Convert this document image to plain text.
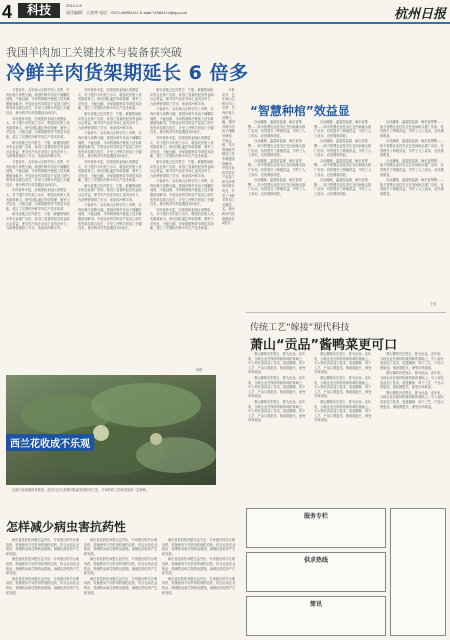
4	科技	2014.2.8
责任编辑：王康华 电话：0571-86965111 E-mail:74980414@qq.com	杭州日报
我国羊肉加工关键技术与装备获突破
冷鲜羊肉货架期延长 6 倍多

今春来节，去年南山生鲜羊肉上市季，羊肉价格与消费大幅，我国冷鲜羊肉由于储藏时间短，不能远销，羊肉的保鲜冷链加工技术难题亟待解决。中国农业科学院农产品加工研究所等单位联合攻关，开发了冷鲜羊肉加工关键技术，使冷鲜羊肉货架期延长6倍多。

羊肉营养丰富，在我国西北地区消费量大，对于提升羊肉加工水平、增加农民收入具有重要意义。研究团队通过宰前管理、屠宰工艺优化、分级分割、冷却排酸等环节的技术创新，建立了完整的冷鲜羊肉生产技术体系。

研究成果已在内蒙古、宁夏、新疆等地的多家企业推广应用，取得了显著的经济效益和社会效益，使羊肉产品在市场上更具竞争力，为消费者提供了安全、优质的冷鲜羊肉。

今春来节，去年南山生鲜羊肉上市季，羊肉价格与消费大幅，我国冷鲜羊肉由于储藏时间短，不能远销，羊肉的保鲜冷链加工技术难题亟待解决。中国农业科学院农产品加工研究所等单位联合攻关，开发了冷鲜羊肉加工关键技术，使冷鲜羊肉货架期延长6倍多。

羊肉营养丰富，在我国西北地区消费量大，对于提升羊肉加工水平、增加农民收入具有重要意义。研究团队通过宰前管理、屠宰工艺优化、分级分割、冷却排酸等环节的技术创新，建立了完整的冷鲜羊肉生产技术体系。

研究成果已在内蒙古、宁夏、新疆等地的多家企业推广应用，取得了显著的经济效益和社会效益，使羊肉产品在市场上更具竞争力，为消费者提供了安全、优质的冷鲜羊肉。

羊肉营养丰富，在我国西北地区消费量大，对于提升羊肉加工水平、增加农民收入具有重要意义。研究团队通过宰前管理、屠宰工艺优化、分级分割、冷却排酸等环节的技术创新，建立了完整的冷鲜羊肉生产技术体系。

研究成果已在内蒙古、宁夏、新疆等地的多家企业推广应用，取得了显著的经济效益和社会效益，使羊肉产品在市场上更具竞争力，为消费者提供了安全、优质的冷鲜羊肉。

今春来节，去年南山生鲜羊肉上市季，羊肉价格与消费大幅，我国冷鲜羊肉由于储藏时间短，不能远销，羊肉的保鲜冷链加工技术难题亟待解决。中国农业科学院农产品加工研究所等单位联合攻关，开发了冷鲜羊肉加工关键技术，使冷鲜羊肉货架期延长6倍多。

羊肉营养丰富，在我国西北地区消费量大，对于提升羊肉加工水平、增加农民收入具有重要意义。研究团队通过宰前管理、屠宰工艺优化、分级分割、冷却排酸等环节的技术创新，建立了完整的冷鲜羊肉生产技术体系。

研究成果已在内蒙古、宁夏、新疆等地的多家企业推广应用，取得了显著的经济效益和社会效益，使羊肉产品在市场上更具竞争力，为消费者提供了安全、优质的冷鲜羊肉。

今春来节，去年南山生鲜羊肉上市季，羊肉价格与消费大幅，我国冷鲜羊肉由于储藏时间短，不能远销，羊肉的保鲜冷链加工技术难题亟待解决。中国农业科学院农产品加工研究所等单位联合攻关，开发了冷鲜羊肉加工关键技术，使冷鲜羊肉货架期延长6倍多。

研究成果已在内蒙古、宁夏、新疆等地的多家企业推广应用，取得了显著的经济效益和社会效益，使羊肉产品在市场上更具竞争力，为消费者提供了安全、优质的冷鲜羊肉。

今春来节，去年南山生鲜羊肉上市季，羊肉价格与消费大幅，我国冷鲜羊肉由于储藏时间短，不能远销，羊肉的保鲜冷链加工技术难题亟待解决。中国农业科学院农产品加工研究所等单位联合攻关，开发了冷鲜羊肉加工关键技术，使冷鲜羊肉货架期延长6倍多。

羊肉营养丰富，在我国西北地区消费量大，对于提升羊肉加工水平、增加农民收入具有重要意义。研究团队通过宰前管理、屠宰工艺优化、分级分割、冷却排酸等环节的技术创新，建立了完整的冷鲜羊肉生产技术体系。

研究成果已在内蒙古、宁夏、新疆等地的多家企业推广应用，取得了显著的经济效益和社会效益，使羊肉产品在市场上更具竞争力，为消费者提供了安全、优质的冷鲜羊肉。

今春来节，去年南山生鲜羊肉上市季，羊肉价格与消费大幅，我国冷鲜羊肉由于储藏时间短，不能远销，羊肉的保鲜冷链加工技术难题亟待解决。中国农业科学院农产品加工研究所等单位联合攻关，开发了冷鲜羊肉加工关键技术，使冷鲜羊肉货架期延长6倍多。

羊肉营养丰富，在我国西北地区消费量大，对于提升羊肉加工水平、增加农民收入具有重要意义。研究团队通过宰前管理、屠宰工艺优化、分级分割、冷却排酸等环节的技术创新，建立了完整的冷鲜羊肉生产技术体系。

今春来节，去年南山生鲜羊肉上市季，羊肉价格与消费大幅，我国冷鲜羊肉由于储藏时间短，不能远销，羊肉的保鲜冷链加工技术难题亟待解决。中国农业科学院农产品加工研究所等单位联合攻关，开发了冷鲜羊肉加工关键技术，使冷鲜羊肉货架期延长6倍多。

孙国
西兰花收成不乐观

在浙江省某地的菜地里，农民们正在查看因低温受冻的西兰花，今年的西兰花收成受到一定影响。

“智慧种棺”效益显

自动灌溉、温湿度监测、病虫害预警……如今智慧农业技术正在田间地头推广应用，有效提升了种植效益，节约了人工成本，农民增收明显。

自动灌溉、温湿度监测、病虫害预警……如今智慧农业技术正在田间地头推广应用，有效提升了种植效益，节约了人工成本，农民增收明显。

自动灌溉、温湿度监测、病虫害预警……如今智慧农业技术正在田间地头推广应用，有效提升了种植效益，节约了人工成本，农民增收明显。

自动灌溉、温湿度监测、病虫害预警……如今智慧农业技术正在田间地头推广应用，有效提升了种植效益，节约了人工成本，农民增收明显。

自动灌溉、温湿度监测、病虫害预警……如今智慧农业技术正在田间地头推广应用，有效提升了种植效益，节约了人工成本，农民增收明显。

自动灌溉、温湿度监测、病虫害预警……如今智慧农业技术正在田间地头推广应用，有效提升了种植效益，节约了人工成本，农民增收明显。

自动灌溉、温湿度监测、病虫害预警……如今智慧农业技术正在田间地头推广应用，有效提升了种植效益，节约了人工成本，农民增收明显。

自动灌溉、温湿度监测、病虫害预警……如今智慧农业技术正在田间地头推广应用，有效提升了种植效益，节约了人工成本，农民增收明显。

自动灌溉、温湿度监测、病虫害预警……如今智慧农业技术正在田间地头推广应用，有效提升了种植效益，节约了人工成本，农民增收明显。

自动灌溉、温湿度监测、病虫害预警……如今智慧农业技术正在田间地头推广应用，有效提升了种植效益，节约了人工成本，农民增收明显。

自动灌溉、温湿度监测、病虫害预警……如今智慧农业技术正在田间地头推广应用，有效提升了种植效益，节约了人工成本，农民增收明显。

自动灌溉、温湿度监测、病虫害预警……如今智慧农业技术正在田间地头推广应用，有效提升了种植效益，节约了人工成本，农民增收明显。

王岩
传统工艺“嫁接”现代科技
萧山“贡品”酱鸭菜更可口

萧山酱鸭历史悠久，曾为贡品。近年来，当地企业在保持传统风味的基础上，引入现代食品加工技术，改进腌制、风干工艺，产品口感更佳，保质期更长，深受市场欢迎。

萧山酱鸭历史悠久，曾为贡品。近年来，当地企业在保持传统风味的基础上，引入现代食品加工技术，改进腌制、风干工艺，产品口感更佳，保质期更长，深受市场欢迎。

萧山酱鸭历史悠久，曾为贡品。近年来，当地企业在保持传统风味的基础上，引入现代食品加工技术，改进腌制、风干工艺，产品口感更佳，保质期更长，深受市场欢迎。

萧山酱鸭历史悠久，曾为贡品。近年来，当地企业在保持传统风味的基础上，引入现代食品加工技术，改进腌制、风干工艺，产品口感更佳，保质期更长，深受市场欢迎。

萧山酱鸭历史悠久，曾为贡品。近年来，当地企业在保持传统风味的基础上，引入现代食品加工技术，改进腌制、风干工艺，产品口感更佳，保质期更长，深受市场欢迎。

萧山酱鸭历史悠久，曾为贡品。近年来，当地企业在保持传统风味的基础上，引入现代食品加工技术，改进腌制、风干工艺，产品口感更佳，保质期更长，深受市场欢迎。

萧山酱鸭历史悠久，曾为贡品。近年来，当地企业在保持传统风味的基础上，引入现代食品加工技术，改进腌制、风干工艺，产品口感更佳，保质期更长，深受市场欢迎。

萧山酱鸭历史悠久，曾为贡品。近年来，当地企业在保持传统风味的基础上，引入现代食品加工技术，改进腌制、风干工艺，产品口感更佳，保质期更长，深受市场欢迎。

萧山酱鸭历史悠久，曾为贡品。近年来，当地企业在保持传统风味的基础上，引入现代食品加工技术，改进腌制、风干工艺，产品口感更佳，保质期更长，深受市场欢迎。

怎样减少病虫害抗药性

病虫害抗药性问题日益突出，专家建议科学合理用药，轮换使用不同作用机理的农药，综合运用农业防治、物理防治和生物防治措施，减缓抗药性的产生和发展。

病虫害抗药性问题日益突出，专家建议科学合理用药，轮换使用不同作用机理的农药，综合运用农业防治、物理防治和生物防治措施，减缓抗药性的产生和发展。

病虫害抗药性问题日益突出，专家建议科学合理用药，轮换使用不同作用机理的农药，综合运用农业防治、物理防治和生物防治措施，减缓抗药性的产生和发展。

病虫害抗药性问题日益突出，专家建议科学合理用药，轮换使用不同作用机理的农药，综合运用农业防治、物理防治和生物防治措施，减缓抗药性的产生和发展。

病虫害抗药性问题日益突出，专家建议科学合理用药，轮换使用不同作用机理的农药，综合运用农业防治、物理防治和生物防治措施，减缓抗药性的产生和发展。

病虫害抗药性问题日益突出，专家建议科学合理用药，轮换使用不同作用机理的农药，综合运用农业防治、物理防治和生物防治措施，减缓抗药性的产生和发展。

病虫害抗药性问题日益突出，专家建议科学合理用药，轮换使用不同作用机理的农药，综合运用农业防治、物理防治和生物防治措施，减缓抗药性的产生和发展。

病虫害抗药性问题日益突出，专家建议科学合理用药，轮换使用不同作用机理的农药，综合运用农业防治、物理防治和生物防治措施，减缓抗药性的产生和发展。

病虫害抗药性问题日益突出，专家建议科学合理用药，轮换使用不同作用机理的农药，综合运用农业防治、物理防治和生物防治措施，减缓抗药性的产生和发展。

服务专栏
供求热线
简讯
